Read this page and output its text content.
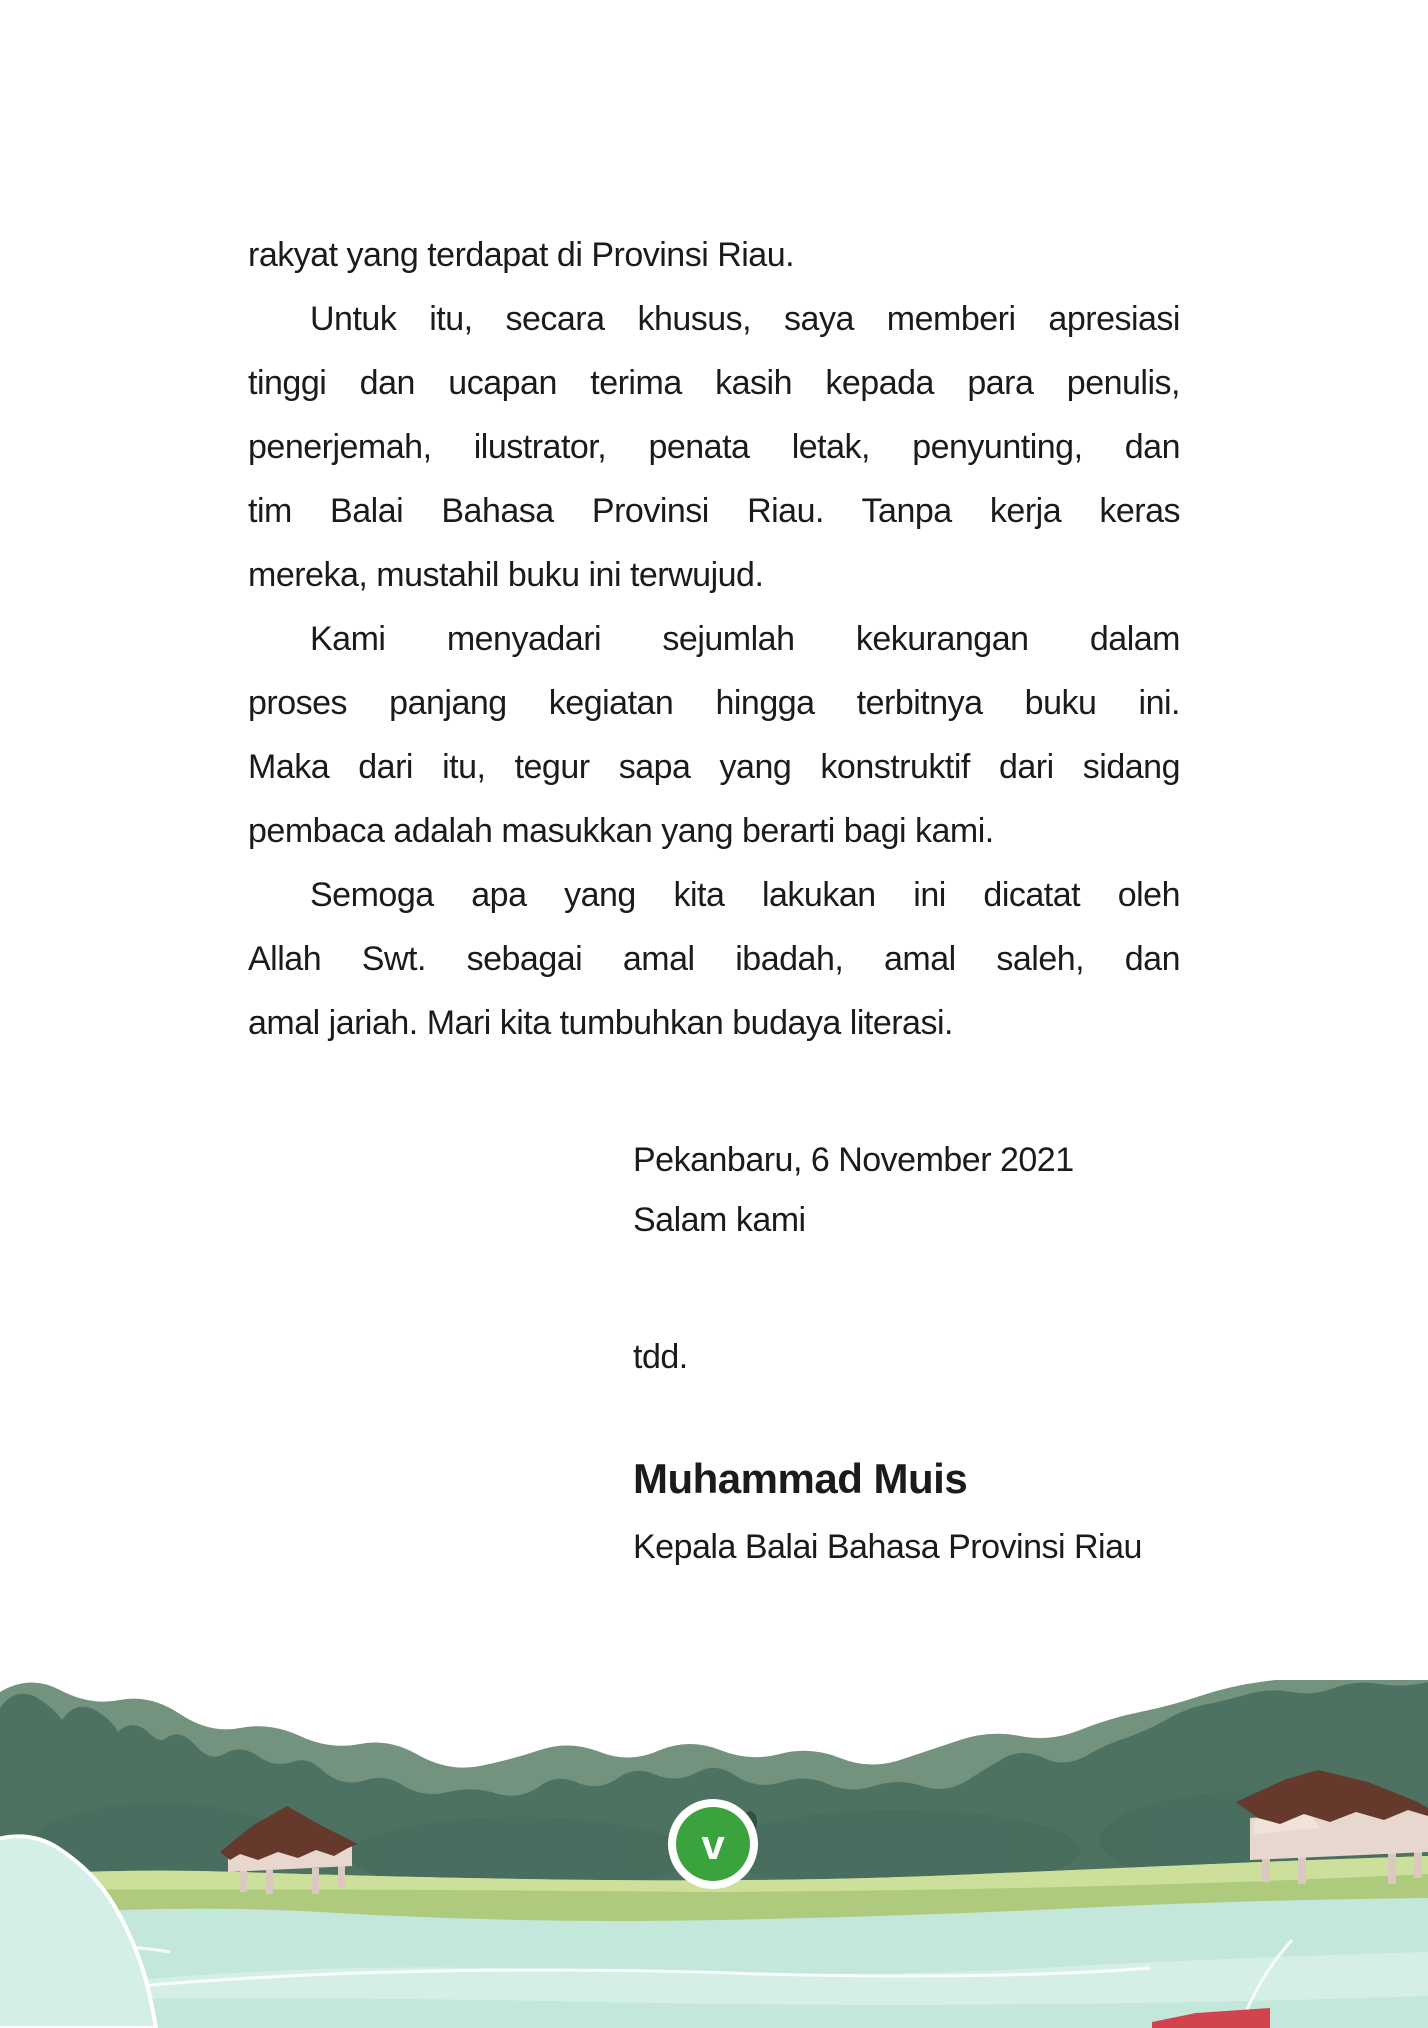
rakyat yang terdapat di Provinsi Riau.
Untuk itu, secara khusus, saya memberi apresiasi
tinggi dan ucapan terima kasih kepada para penulis,
penerjemah, ilustrator, penata letak, penyunting, dan
tim Balai Bahasa Provinsi Riau. Tanpa kerja keras
mereka, mustahil buku ini terwujud.
Kami menyadari sejumlah kekurangan dalam
proses panjang kegiatan hingga terbitnya buku ini.
Maka dari itu, tegur sapa yang konstruktif dari sidang
pembaca adalah masukkan yang berarti bagi kami.
Semoga apa yang kita lakukan ini dicatat oleh
Allah Swt. sebagai amal ibadah, amal saleh, dan
amal jariah. Mari kita tumbuhkan budaya literasi.
Pekanbaru, 6 November 2021
Salam kami
tdd.
Muhammad Muis
Kepala Balai Bahasa Provinsi Riau
v
